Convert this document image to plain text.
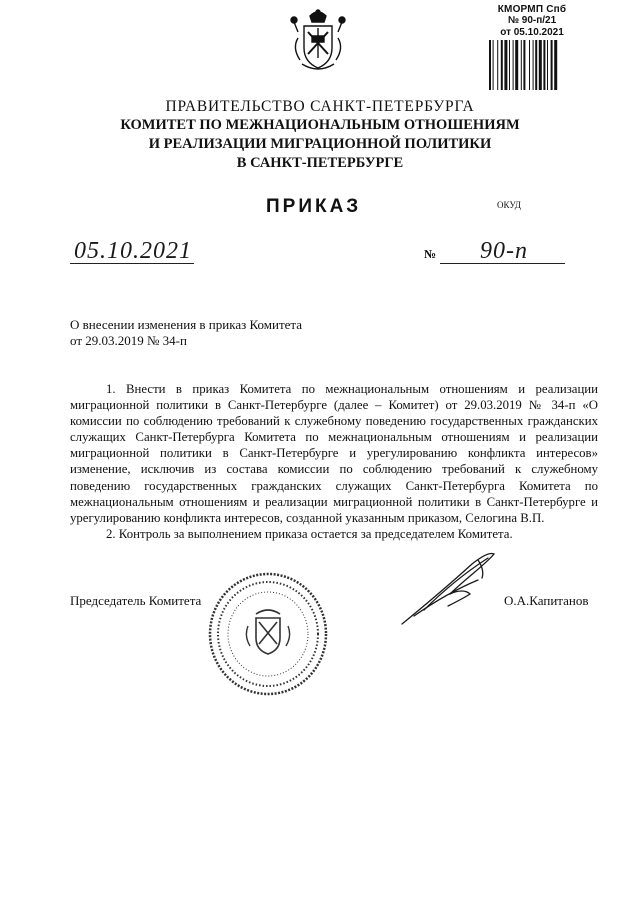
КМОРМП Спб
№ 90-п/21
от 05.10.2021
ПРАВИТЕЛЬСТВО САНКТ-ПЕТЕРБУРГА
КОМИТЕТ ПО МЕЖНАЦИОНАЛЬНЫМ ОТНОШЕНИЯМ
И РЕАЛИЗАЦИИ МИГРАЦИОННОЙ ПОЛИТИКИ
В САНКТ-ПЕТЕРБУРГЕ
ПРИКАЗ	ОКУД
05.10.2021	№ 90-п
О внесении изменения в приказ Комитета
от 29.03.2019 № 34-п

1. Внести в приказ Комитета по межнациональным отношениям и реализации миграционной политики в Санкт-Петербурге (далее – Комитет) от 29.03.2019 № 34-п «О комиссии по соблюдению требований к служебному поведению государственных гражданских служащих Санкт-Петербурга Комитета по межнациональным отношениям и реализации миграционной политики в Санкт-Петербурге и урегулированию конфликта интересов» изменение, исключив из состава комиссии по соблюдению требований к служебному поведению государственных гражданских служащих Санкт-Петербурга Комитета по межнациональным отношениям и реализации миграционной политики в Санкт-Петербурге и урегулированию конфликта интересов, созданной указанным приказом, Селогина В.П.

2. Контроль за выполнением приказа остается за председателем Комитета.

Председатель Комитета	О.А.Капитанов
